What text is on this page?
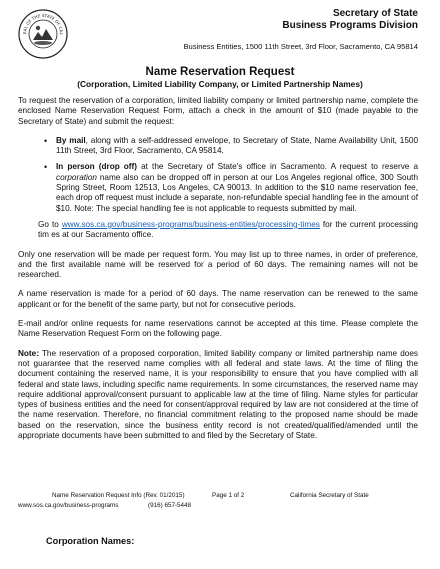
EAL OF THE STATE OF CAL
Secretary of State
Business Programs Division
Business Entities, 1500 11th Street, 3rd Floor, Sacramento, CA 95814
Name Reservation Request
(Corporation, Limited Liability Company, or Limited Partnership Names)

To request the reservation of a corporation, limited liability company or limited partnership name, complete the enclosed Name Reservation Request Form, attach a check in the amount of $10 (made payable to the Secretary of State) and submit the request:

• By mail, along with a self-addressed envelope, to Secretary of State, Name Availability Unit, 1500 11th Street, 3rd Floor, Sacramento, CA 95814.
• In person (drop off) at the Secretary of State's office in Sacramento. A request to reserve a corporation name also can be dropped off in person at our Los Angeles regional office, 300 South Spring Street, Room 12513, Los Angeles, CA 90013. In addition to the $10 name reservation fee, each drop off request must include a separate, non-refundable special handling fee in the amount of $10. Note: The special handling fee is not applicable to requests submitted by mail.

Go to www.sos.ca.gov/business-programs/business-entities/processing-times for the current processing tim es at our Sacramento office.

Only one reservation will be made per request form. You may list up to three names, in order of preference, and the first available name will be reserved for a period of 60 days. The remaining names will not be researched.

A name reservation is made for a period of 60 days. The name reservation can be renewed to the same applicant or for the benefit of the same party, but not for consecutive periods.

E-mail and/or online requests for name reservations cannot be accepted at this time. Please complete the Name Reservation Request Form on the following page.

Note: The reservation of a proposed corporation, limited liability company or limited partnership name does not guarantee that the reserved name complies with all federal and state laws. At the time of filing the document containing the reserved name, it is your responsibility to ensure that you have complied with all federal and state laws, including specific name requirements. In some circumstances, the reserved name may require additional approval/consent pursuant to applicable law at the time of filing. Name styles for particular types of business entities and the need for consent/approval required by law are not considered at the time of the name reservation. Therefore, no financial commitment relating to the proposed name should be made based on the reservation, since the business entity record is not created/qualified/amended until the appropriate documents have been submitted to and filed by the Secretary of State.

Name Reservation Request Info (Rev. 01/2015)	Page 1 of 2	California Secretary of State
www.sos.ca.gov/business-programs	(916) 657-5448
Corporation Names:
